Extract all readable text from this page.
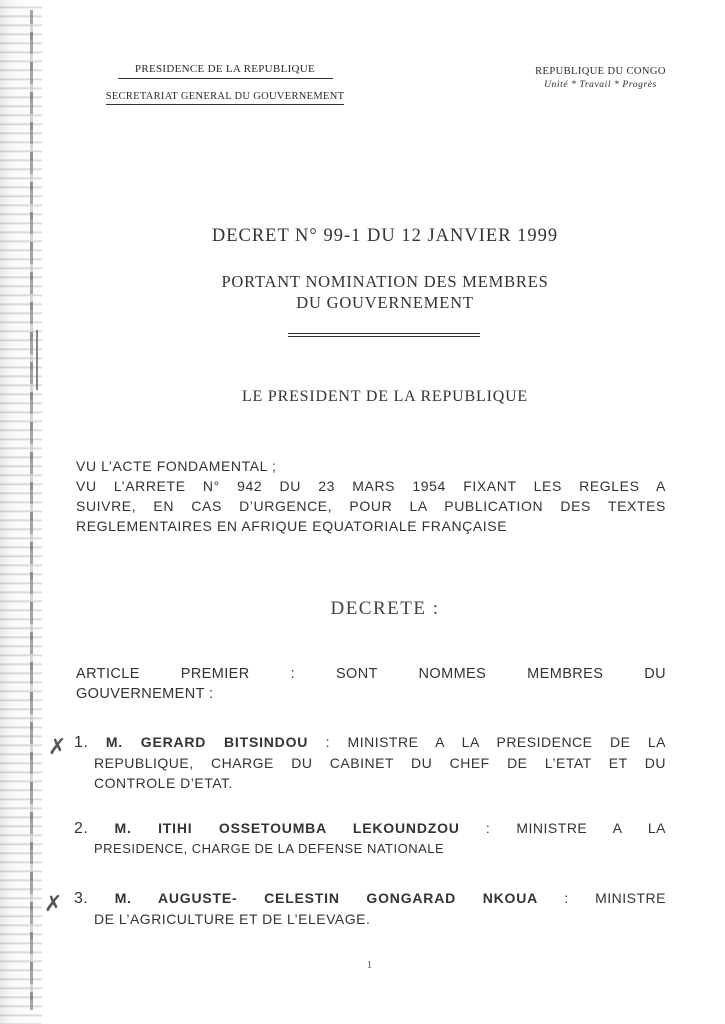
PRESIDENCE DE LA REPUBLIQUE
SECRETARIAT GENERAL DU GOUVERNEMENT
REPUBLIQUE DU CONGO
Unité * Travail * Progrès
DECRET N° 99-1 DU 12 JANVIER 1999
PORTANT NOMINATION DES MEMBRES
DU GOUVERNEMENT
LE PRESIDENT DE LA REPUBLIQUE
VU L’ACTE FONDAMENTAL ;
VU L’ARRETE N° 942 DU 23 MARS 1954 FIXANT LES REGLES A
SUIVRE, EN CAS D’URGENCE, POUR LA PUBLICATION DES TEXTES
REGLEMENTAIRES EN AFRIQUE EQUATORIALE FRANÇAISE
DECRETE :
ARTICLE PREMIER : SONT NOMMES MEMBRES DU
GOUVERNEMENT :
✗ 1. M. GERARD BITSINDOU : MINISTRE A LA PRESIDENCE DE LA
REPUBLIQUE, CHARGE DU CABINET DU CHEF DE L’ETAT ET DU
CONTROLE D’ETAT.
2. M. ITIHI OSSETOUMBA LEKOUNDZOU : MINISTRE A LA
PRESIDENCE, CHARGE DE LA DEFENSE NATIONALE
✗ 3. M. AUGUSTE- CELESTIN GONGARAD NKOUA : MINISTRE
DE L’AGRICULTURE ET DE L’ELEVAGE.
1
